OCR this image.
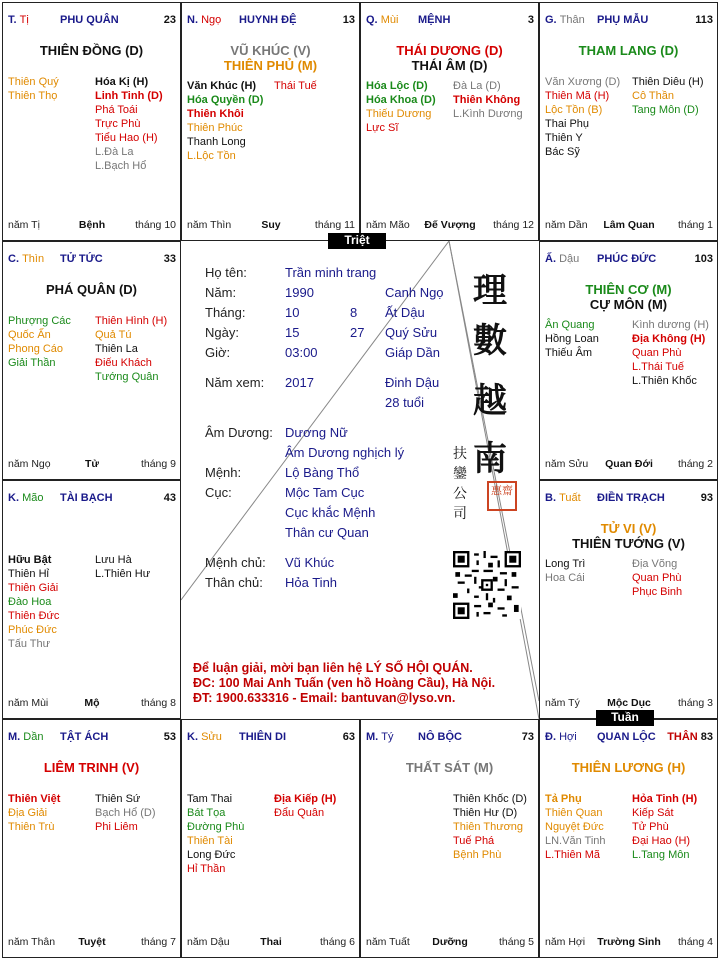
T. Tị	PHU QUÂN	23
THIÊN ĐỒNG (D)
Thiên Quý
Thiên Thọ
Hóa Kị (H)
Linh Tinh (D)
Phá Toái
Trực Phù
Tiểu Hao (H)
L.Đà La
L.Bạch Hổ
năm Tị	Bệnh	tháng 10
N. Ngọ HUYNH ĐỆ	13
VŨ KHÚC (V)
THIÊN PHỦ (M)
Văn Khúc (H)
Hóa Quyền (D)
Thiên Khôi
Thiên Phúc
Thanh Long
L.Lộc Tồn
Thái Tuế
năm Thìn	Suy	tháng 11
Q. Mùi MỆNH	3
THÁI DƯƠNG (D)
THÁI ÂM (D)
Hóa Lộc (D)
Hóa Khoa (D)
Thiếu Dương
Lực Sĩ
Đà La (D)
Thiên Không
L.Kình Dương
năm Mão	Đế Vượng	tháng 12
G. Thân PHỤ MẪU	113
THAM LANG (D)
Văn Xương (D)
Thiên Mã (H)
Lộc Tồn (B)
Thai Phụ
Thiên Y
Bác Sỹ
Thiên Diêu (H)
Cô Thần
Tang Môn (D)
năm Dần	Lâm Quan	tháng 1
C. Thìn TỬ TỨC	33
PHÁ QUÂN (D)
Phượng Các
Quốc Ấn
Phong Cáo
Giải Thần
Thiên Hình (H)
Quả Tú
Thiên La
Điếu Khách
Tướng Quân
năm Ngọ	Tử	tháng 9
Ấ. Dậu PHÚC ĐỨC	103
THIÊN CƠ (M)
CỰ MÔN (M)
Ân Quang
Hồng Loan
Thiếu Âm
Kình dương (H)
Địa Không (H)
Quan Phù
L.Thái Tuế
L.Thiên Khốc
năm Sửu	Quan Đới	tháng 2
K. Mão TÀI BẠCH	43
Hữu Bật
Thiên Hỉ
Thiên Giải
Đào Hoa
Thiên Đức
Phúc Đức
Tấu Thư
Lưu Hà
L.Thiên Hư
năm Mùi	Mộ	tháng 8
B. Tuất ĐIỀN TRẠCH	93
TỬ VI (V)
THIÊN TƯỚNG (V)
Long Trì
Hoa Cái
Địa Võng
Quan Phù
Phục Binh
năm Tý	Mộc Dục	tháng 3
M. Dần TẬT ÁCH	53
LIÊM TRINH (V)
Thiên Việt
Địa Giải
Thiên Trù
Thiên Sứ
Bạch Hổ (D)
Phi Liêm
năm Thân	Tuyệt	tháng 7
K. Sửu THIÊN DI	63
Tam Thai
Bát Tọa
Đường Phù
Thiên Tài
Long Đức
Hỉ Thần
Địa Kiếp (H)
Đẩu Quân
năm Dậu	Thai	tháng 6
M. Tý NÔ BỘC	73
THẤT SÁT (M)
Thiên Khốc (D)
Thiên Hư (D)
Thiên Thương
Tuế Phá
Bệnh Phù
năm Tuất	Dưỡng	tháng 5
Đ. Hợi QUAN LỘC THÂN 83
THIÊN LƯƠNG (H)
Tả Phụ
Thiên Quan
Nguyệt Đức
LN.Văn Tinh
L.Thiên Mã
Hỏa Tinh (H)
Kiếp Sát
Tử Phù
Đại Hao (H)
L.Tang Môn
năm Hợi	Trường Sinh	tháng 4
Họ tên:	Trần minh trang
Năm:	1990	Canh Ngọ
Tháng:	10	8 Ất Dậu
Ngày:	15	27 Quý Sửu
Giờ:	03:00	Giáp Dần
Năm xem: 2017	Đinh Dậu
28 tuổi
Âm Dương: Dương Nữ
Âm Dương nghịch lý
Mệnh:	Lộ Bàng Thổ
Cục:	Mộc Tam Cục
Cục khắc Mệnh
Thân cư Quan
Mệnh chủ: Vũ Khúc
Thân chủ: Hỏa Tinh
理
數
越
南
扶
鑾
公
司
惠齋
Để luận giải, mời bạn liên hệ LÝ SỐ HỘI QUÁN.
ĐC: 100 Mai Anh Tuấn (ven hồ Hoàng Cầu), Hà Nội.
ĐT: 1900.633316 - Email: bantuvan@lyso.vn.
Triệt
Tuần
